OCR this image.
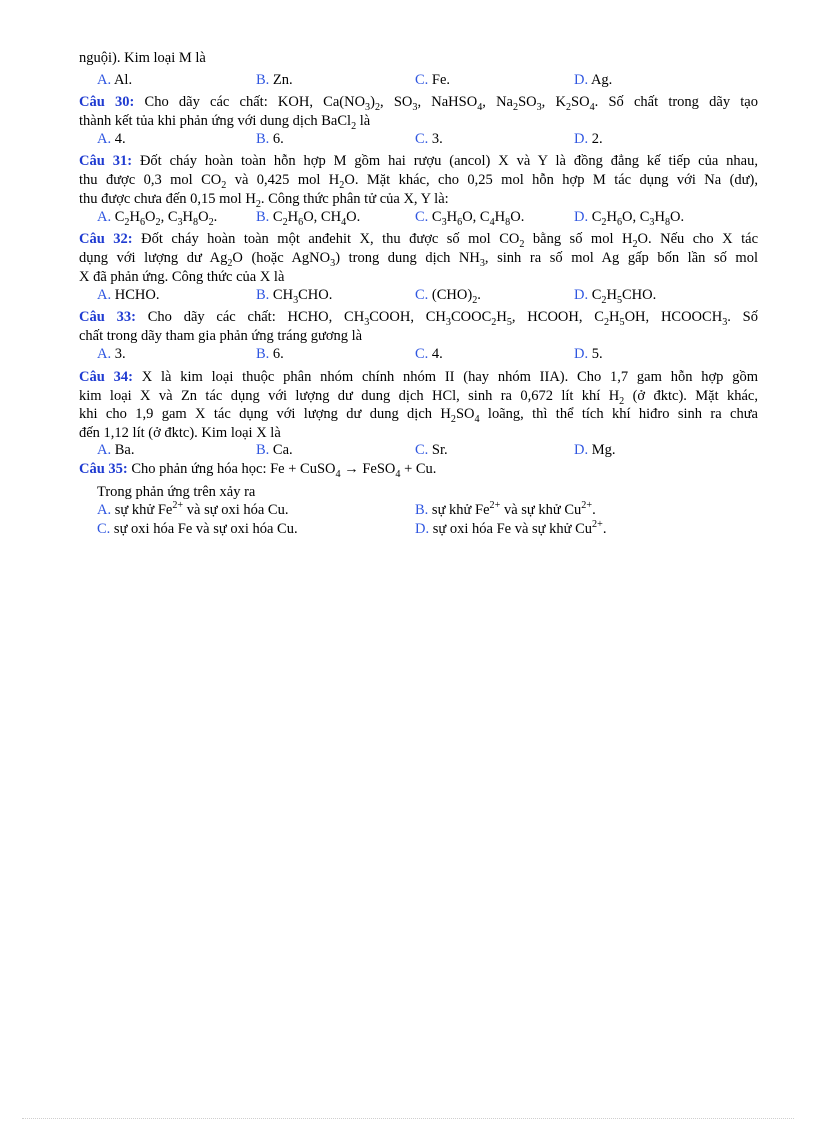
nguội). Kim loại M là
A. Al.	B. Zn.	C. Fe.	D. Ag.
Câu 30: Cho dãy các chất: KOH, $Ca(NO_3)_2$, $SO_3$, NaHSO$_4$, $Na_2SO_3$, $K_2SO_4$. Số chất trong dãy tạo
thành kết tủa khi phản ứng với dung dịch BaCl$_2$ là
A. 4.	B. 6.	C. 3.	D. 2.
Câu 31: Đốt cháy hoàn toàn hỗn hợp M gồm hai rượu (ancol) X và Y là đồng đẳng kế tiếp của nhau,
thu được 0,3 mol $CO_2$ và 0,425 mol $H_2O$. Mặt khác, cho 0,25 mol hỗn hợp M tác dụng với Na (dư),
thu được chưa đến 0,15 mol $H_2$. Công thức phân tử của X, Y là:
A. $C_2H_6O_2$, $C_3H_8O_2$.	B. $C_2H_6O$, $CH_4O$.	C. $C_3H_6O$, $C_4H_8O$.	D. $C_2H_6O$, $C_3H_8O$.
Câu 32: Đốt cháy hoàn toàn một anđehit X, thu được số mol $CO_2$ bằng số mol $H_2O$. Nếu cho X tác
dụng với lượng dư $Ag_2O$ (hoặc AgNO$_3$) trong dung dịch $NH_3$, sinh ra số mol Ag gấp bốn lần số mol
X đã phản ứng. Công thức của X là
A. HCHO.	B. $CH_3CHO$.	C. $(CHO)_2$.	D. $C_2H_5CHO$.
Câu 33: Cho dãy các chất: HCHO, $CH_3COOH$, $CH_3COOC_2H_5$, HCOOH, $C_2H_5OH$, $HCOOCH_3$. Số
chất trong dãy tham gia phản ứng tráng gương là
A. 3.	B. 6.	C. 4.	D. 5.
Câu 34: X là kim loại thuộc phân nhóm chính nhóm II (hay nhóm IIA). Cho 1,7 gam hỗn hợp gồm
kim loại X và Zn tác dụng với lượng dư dung dịch HCl, sinh ra 0,672 lít khí $H_2$ (ở đktc). Mặt khác,
khi cho 1,9 gam X tác dụng với lượng dư dung dịch $H_2SO_4$ loãng, thì thể tích khí hiđro sinh ra chưa
đến 1,12 lít (ở đktc). Kim loại X là
A. Ba.	B. Ca.	C. Sr.	D. Mg.
Câu 35: Cho phản ứng hóa học: Fe + CuSO$_4$ → FeSO$_4$ + Cu.
Trong phản ứng trên xảy ra
A. sự khử $Fe^{2+}$ và sự oxi hóa Cu.	B. sự khử $Fe^{2+}$ và sự khử $Cu^{2+}$.
C. sự oxi hóa Fe và sự oxi hóa Cu.	D. sự oxi hóa Fe và sự khử $Cu^{2+}$.
